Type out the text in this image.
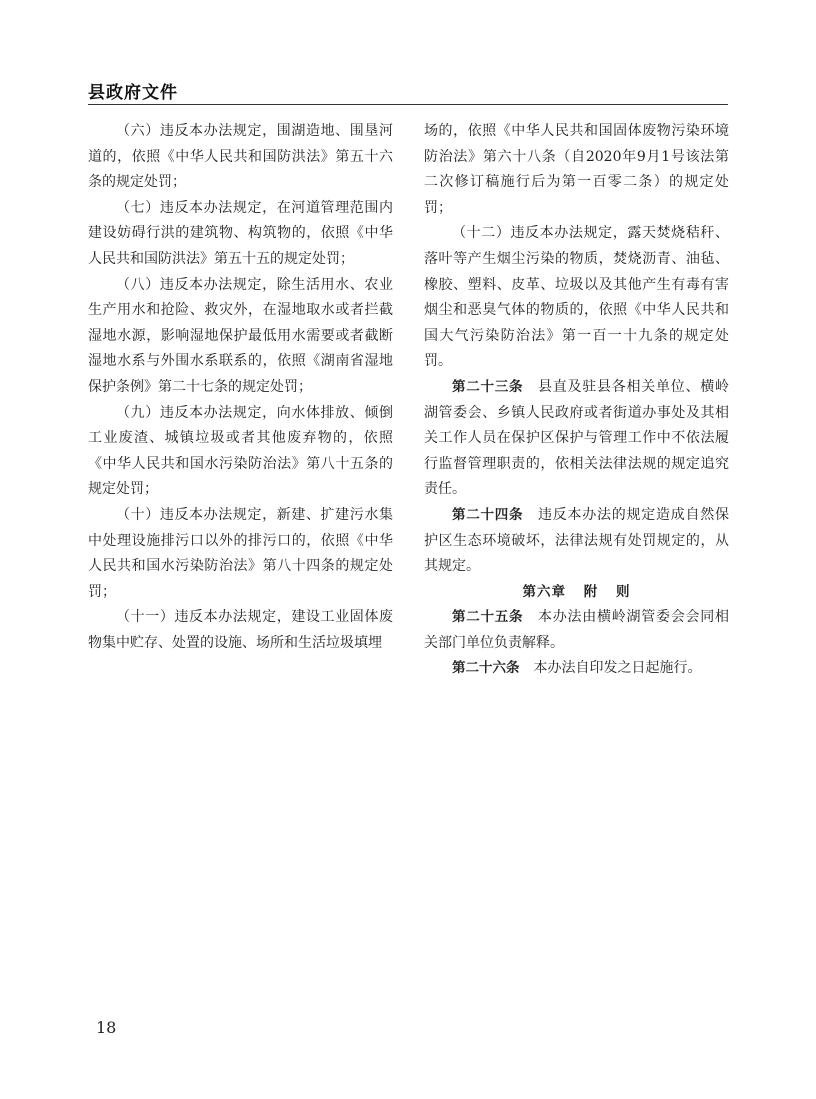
县政府文件

（六）违反本办法规定，围湖造地、围垦河道的，依照《中华人民共和国防洪法》第五十六条的规定处罚；

（七）违反本办法规定，在河道管理范围内建设妨碍行洪的建筑物、构筑物的，依照《中华人民共和国防洪法》第五十五的规定处罚；

（八）违反本办法规定，除生活用水、农业生产用水和抢险、救灾外，在湿地取水或者拦截湿地水源，影响湿地保护最低用水需要或者截断湿地水系与外围水系联系的，依照《湖南省湿地保护条例》第二十七条的规定处罚；

（九）违反本办法规定，向水体排放、倾倒工业废渣、城镇垃圾或者其他废弃物的，依照《中华人民共和国水污染防治法》第八十五条的规定处罚；

（十）违反本办法规定，新建、扩建污水集中处理设施排污口以外的排污口的，依照《中华人民共和国水污染防治法》第八十四条的规定处罚；

（十一）违反本办法规定，建设工业固体废物集中贮存、处置的设施、场所和生活垃圾填埋

场的，依照《中华人民共和国固体废物污染环境防治法》第六十八条（自2020年9月1号该法第二次修订稿施行后为第一百零二条）的规定处罚；

（十二）违反本办法规定，露天焚烧秸秆、落叶等产生烟尘污染的物质，焚烧沥青、油毡、橡胶、塑料、皮革、垃圾以及其他产生有毒有害烟尘和恶臭气体的物质的，依照《中华人民共和国大气污染防治法》第一百一十九条的规定处罚。

第二十三条　 县直及驻县各相关单位、横岭湖管委会、乡镇人民政府或者街道办事处及其相关工作人员在保护区保护与管理工作中不依法履行监督管理职责的，依相关法律法规的规定追究责任。

第二十四条　 违反本办法的规定造成自然保护区生态环境破坏，法律法规有处罚规定的，从其规定。

第六章 附 则

第二十五条　 本办法由横岭湖管委会会同相关部门单位负责解释。

第二十六条　 本办法自印发之日起施行。

18
